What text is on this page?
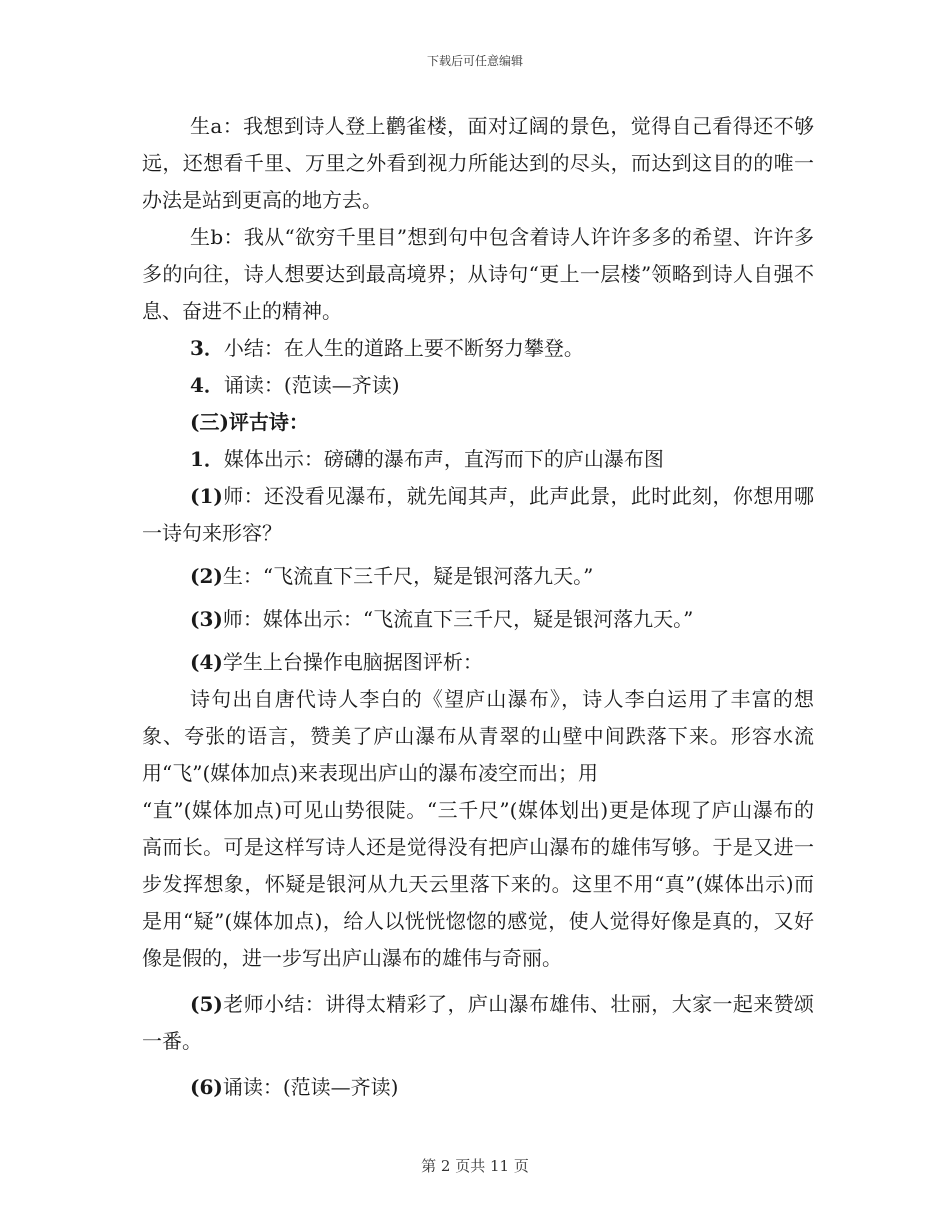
下载后可任意编辑

生a：我想到诗人登上鹳雀楼，面对辽阔的景色，觉得自己看得还不够远，还想看千里、万里之外看到视力所能达到的尽头，而达到这目的的唯一办法是站到更高的地方去。

生b：我从“欲穷千里目”想到句中包含着诗人许许多多的希望、许许多多的向往，诗人想要达到最高境界；从诗句“更上一层楼”领略到诗人自强不息、奋进不止的精神。

3．小结：在人生的道路上要不断努力攀登。

4．诵读：(范读—齐读)

(三)评古诗：

1．媒体出示：磅礴的瀑布声，直泻而下的庐山瀑布图

(1)师：还没看见瀑布，就先闻其声，此声此景，此时此刻，你想用哪一诗句来形容？

(2)生：“飞流直下三千尺，疑是银河落九天。”

(3)师：媒体出示：“飞流直下三千尺，疑是银河落九天。”

(4)学生上台操作电脑据图评析：

诗句出自唐代诗人李白的《望庐山瀑布》，诗人李白运用了丰富的想象、夸张的语言，赞美了庐山瀑布从青翠的山壁中间跌落下来。形容水流用“飞”(媒体加点)来表现出庐山的瀑布凌空而出；用

“直”(媒体加点)可见山势很陡。“三千尺”(媒体划出)更是体现了庐山瀑布的高而长。可是这样写诗人还是觉得没有把庐山瀑布的雄伟写够。于是又进一步发挥想象，怀疑是银河从九天云里落下来的。这里不用“真”(媒体出示)而是用“疑”(媒体加点)，给人以恍恍惚惚的感觉，使人觉得好像是真的，又好像是假的，进一步写出庐山瀑布的雄伟与奇丽。

(5)老师小结：讲得太精彩了，庐山瀑布雄伟、壮丽，大家一起来赞颂一番。

(6)诵读：(范读—齐读)

第 2 页共 11 页
